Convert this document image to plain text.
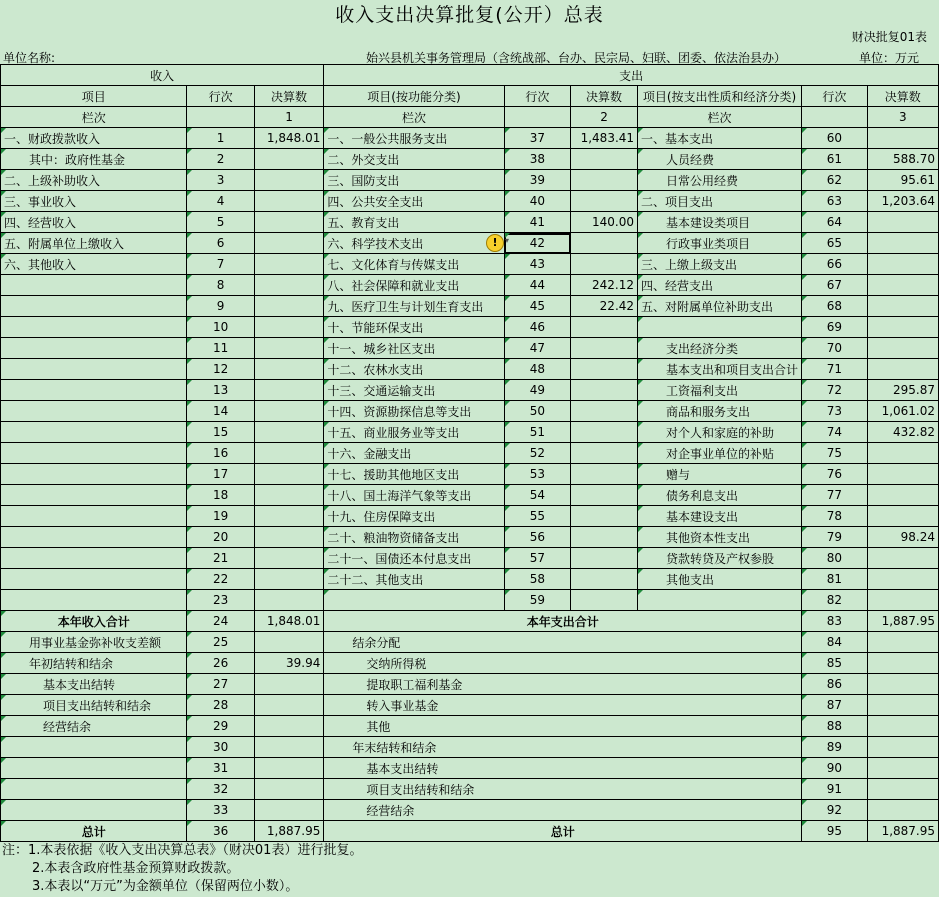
收入支出决算批复(公开）总表
财决批复01表
单位名称:	始兴县机关事务管理局（含统战部、台办、民宗局、妇联、团委、依法治县办）	单位：万元
收入			支出					
项目	行次	决算数	项目(按功能分类)	行次	决算数	项目(按支出性质和经济分类)	行次	决算数
栏次		1	栏次		2	栏次		3
一、财政拨款收入	1	1,848.01	一、一般公共服务支出	37	1,483.41	一、基本支出	60	
其中：政府性基金	2		二、外交支出	38		人员经费	61	588.70
二、上级补助收入	3		三、国防支出	39		日常公用经费	62	95.61
三、事业收入	4		四、公共安全支出	40		二、项目支出	63	1,203.64
四、经营收入	5		五、教育支出	41	140.00	基本建设类项目	64	
五、附属单位上缴收入	6		六、科学技术支出	42		行政事业类项目	65	
六、其他收入	7		七、文化体育与传媒支出	43		三、上缴上级支出	66	
	8		八、社会保障和就业支出	44	242.12	四、经营支出	67	
	9		九、医疗卫生与计划生育支出	45	22.42	五、对附属单位补助支出	68	
	10		十、节能环保支出	46			69	
	11		十一、城乡社区支出	47		支出经济分类	70	
	12		十二、农林水支出	48		基本支出和项目支出合计	71	
	13		十三、交通运输支出	49		工资福利支出	72	295.87
	14		十四、资源勘探信息等支出	50		商品和服务支出	73	1,061.02
	15		十五、商业服务业等支出	51		对个人和家庭的补助	74	432.82
	16		十六、金融支出	52		对企事业单位的补贴	75	
	17		十七、援助其他地区支出	53		赠与	76	
	18		十八、国土海洋气象等支出	54		债务利息支出	77	
	19		十九、住房保障支出	55		基本建设支出	78	
	20		二十、粮油物资储备支出	56		其他资本性支出	79	98.24
	21		二十一、国债还本付息支出	57		贷款转贷及产权参股	80	
	22		二十二、其他支出	58		其他支出	81	
	23			59			82	
本年收入合计	24	1,848.01	本年支出合计				83	1,887.95
用事业基金弥补收支差额	25		结余分配				84	
年初结转和结余	26	39.94	交纳所得税				85	
基本支出结转	27		提取职工福利基金				86	
项目支出结转和结余	28		转入事业基金				87	
经营结余	29		其他				88	
	30		年末结转和结余				89	
	31		基本支出结转				90	
	32		项目支出结转和结余				91	
	33		经营结余				92	
总计	36	1,887.95	总计				95	1,887.95
! ▾
注：1.本表依据《收入支出决算总表》（财决01表）进行批复。
2.本表含政府性基金预算财政拨款。
3.本表以“万元”为金额单位（保留两位小数）。
